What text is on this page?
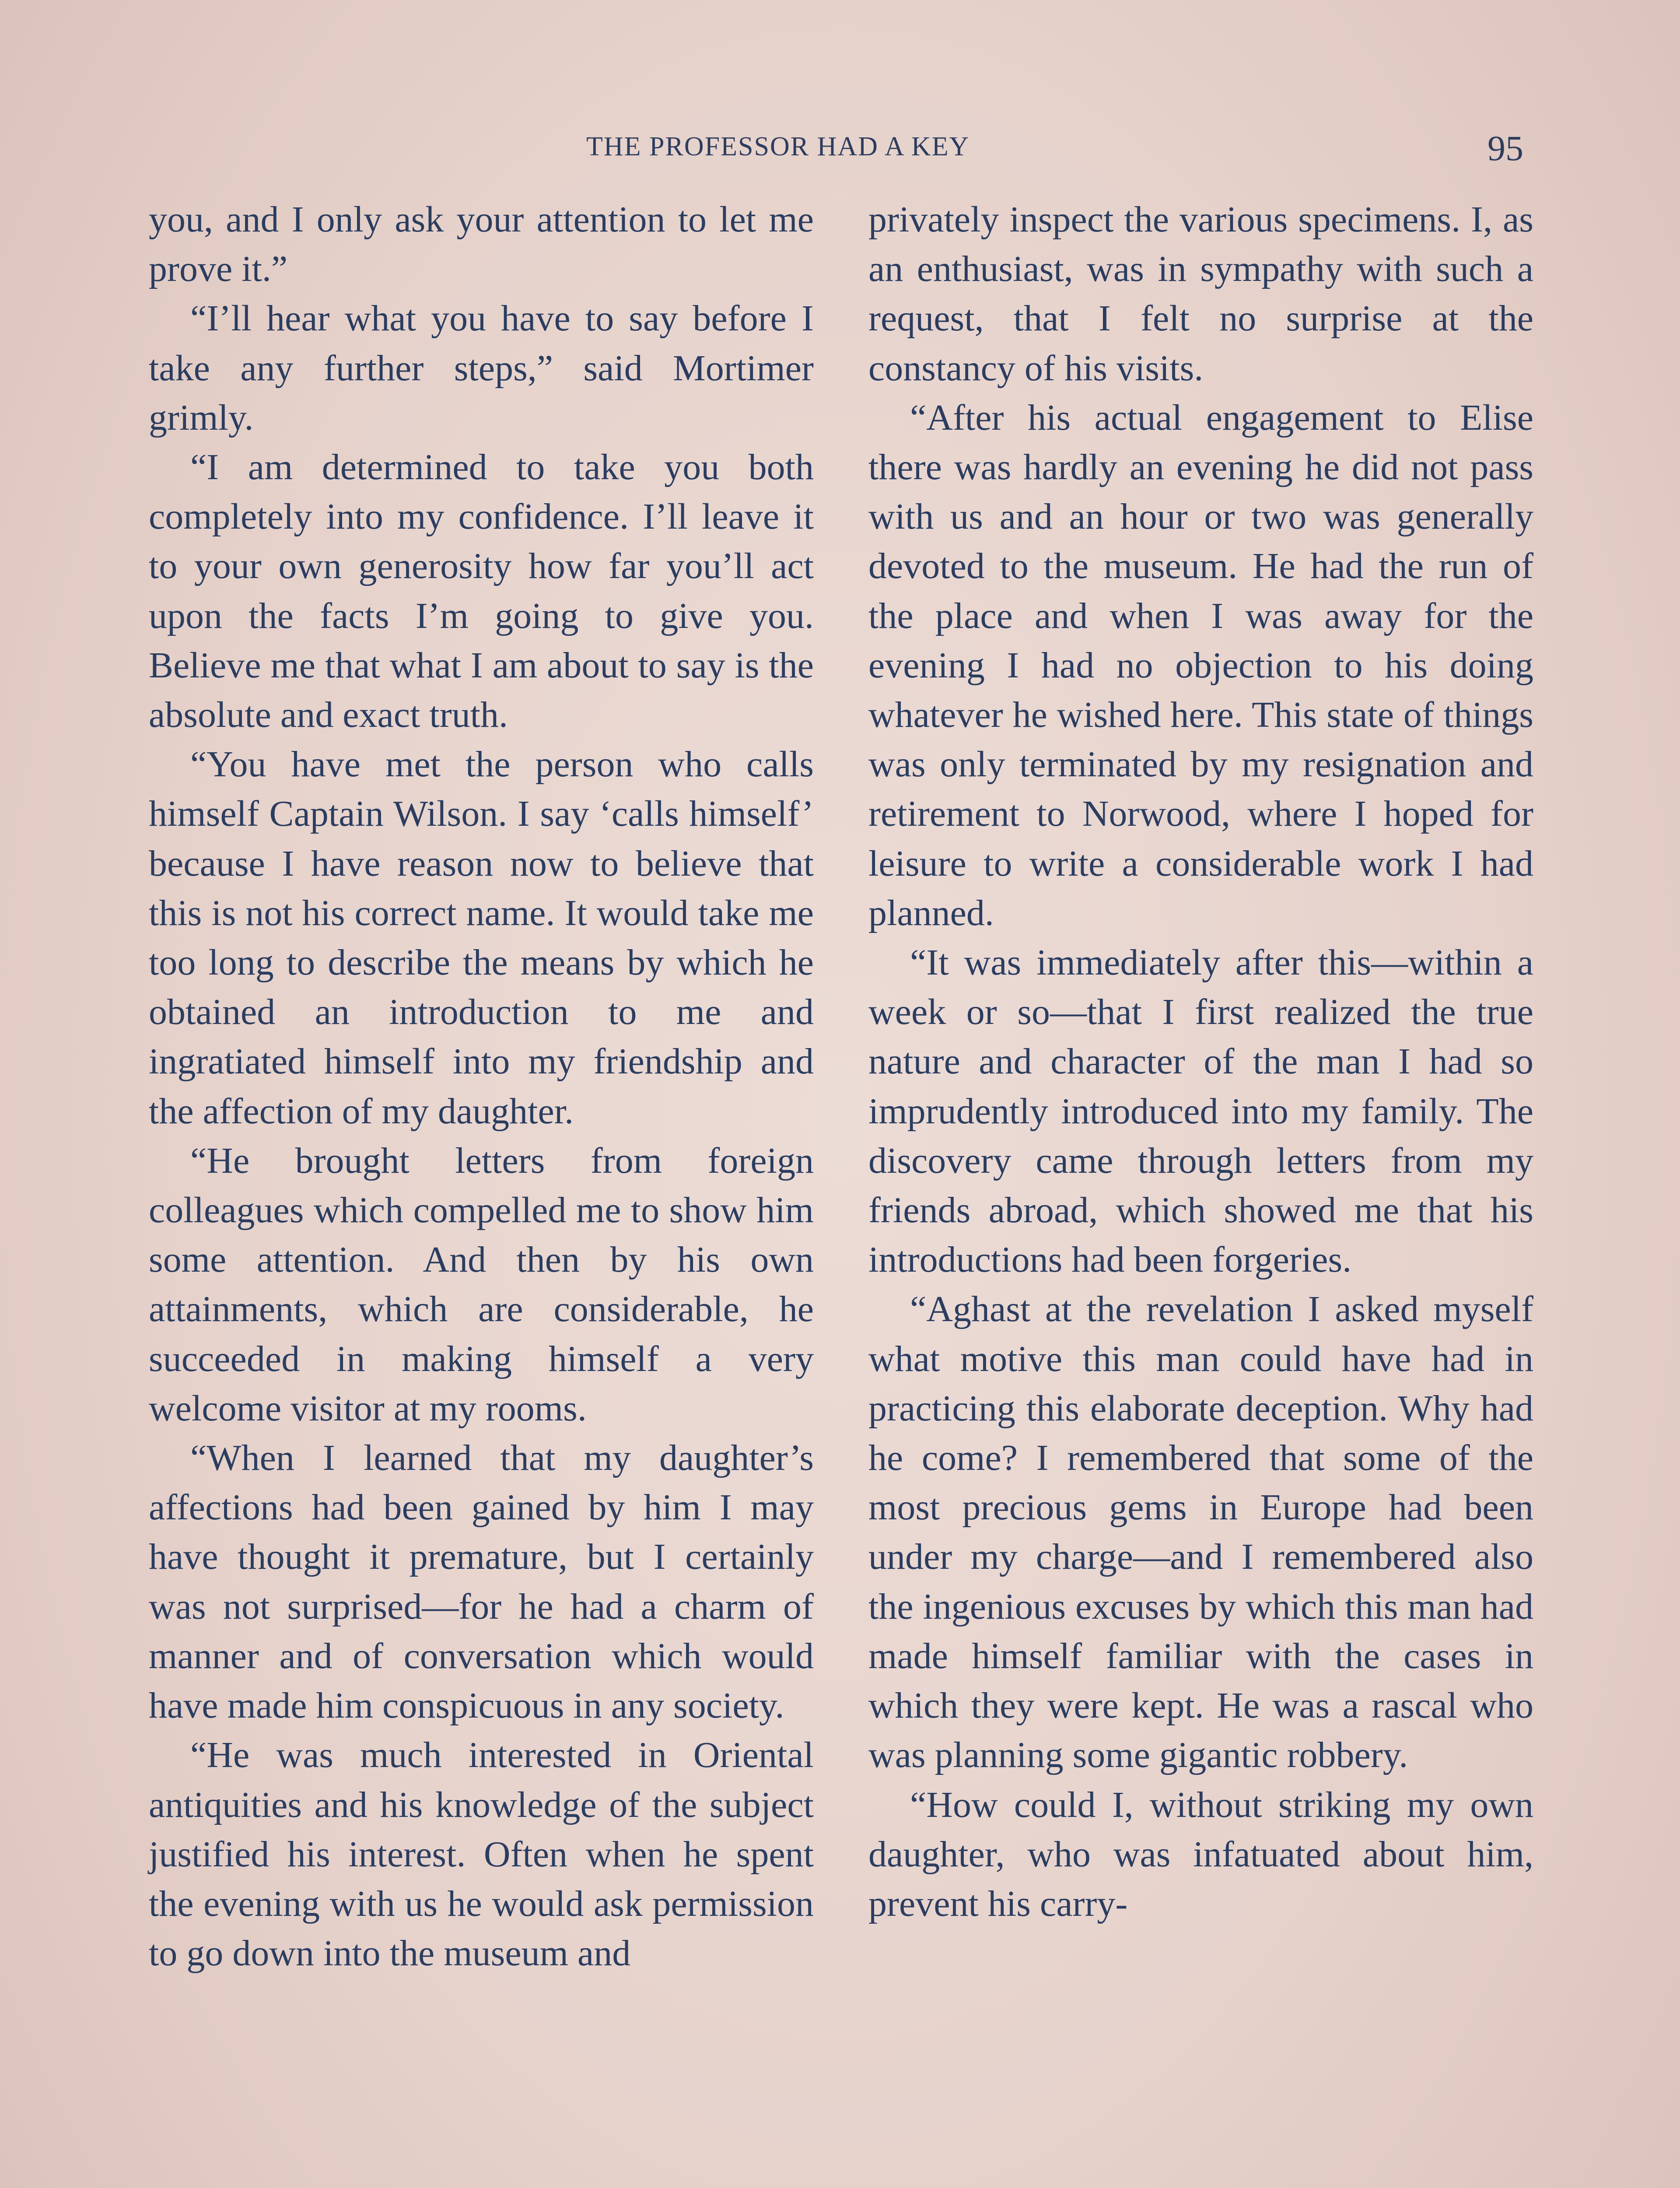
THE PROFESSOR HAD A KEY	95

you, and I only ask your attention to let me prove it.”

“I’ll hear what you have to say before I take any further steps,” said Mortimer grimly.

“I am determined to take you both completely into my confidence. I’ll leave it to your own generosity how far you’ll act upon the facts I’m going to give you. Believe me that what I am about to say is the absolute and exact truth.

“You have met the person who calls himself Captain Wilson. I say ‘calls himself’ because I have reason now to believe that this is not his correct name. It would take me too long to describe the means by which he obtained an introduction to me and ingratiated himself into my friendship and the affection of my daughter.

“He brought letters from foreign colleagues which compelled me to show him some attention. And then by his own attainments, which are considerable, he succeeded in making himself a very welcome visitor at my rooms.

“When I learned that my daughter’s affections had been gained by him I may have thought it premature, but I certainly was not surprised—for he had a charm of manner and of conversation which would have made him conspicuous in any society.

“He was much interested in Oriental antiquities and his knowledge of the subject justified his interest. Often when he spent the evening with us he would ask permission to go down into the museum and

privately inspect the various specimens. I, as an enthusiast, was in sympathy with such a request, that I felt no surprise at the constancy of his visits.

“After his actual engagement to Elise there was hardly an evening he did not pass with us and an hour or two was generally devoted to the museum. He had the run of the place and when I was away for the evening I had no objection to his doing whatever he wished here. This state of things was only terminated by my resignation and retirement to Norwood, where I hoped for leisure to write a considerable work I had planned.

“It was immediately after this—within a week or so—that I first realized the true nature and character of the man I had so imprudently introduced into my family. The discovery came through letters from my friends abroad, which showed me that his introductions had been forgeries.

“Aghast at the revelation I asked myself what motive this man could have had in practicing this elaborate deception. Why had he come? I remembered that some of the most precious gems in Europe had been under my charge—and I remembered also the ingenious excuses by which this man had made himself familiar with the cases in which they were kept. He was a rascal who was planning some gigantic robbery.

“How could I, without striking my own daughter, who was infatuated about him, prevent his carry-
